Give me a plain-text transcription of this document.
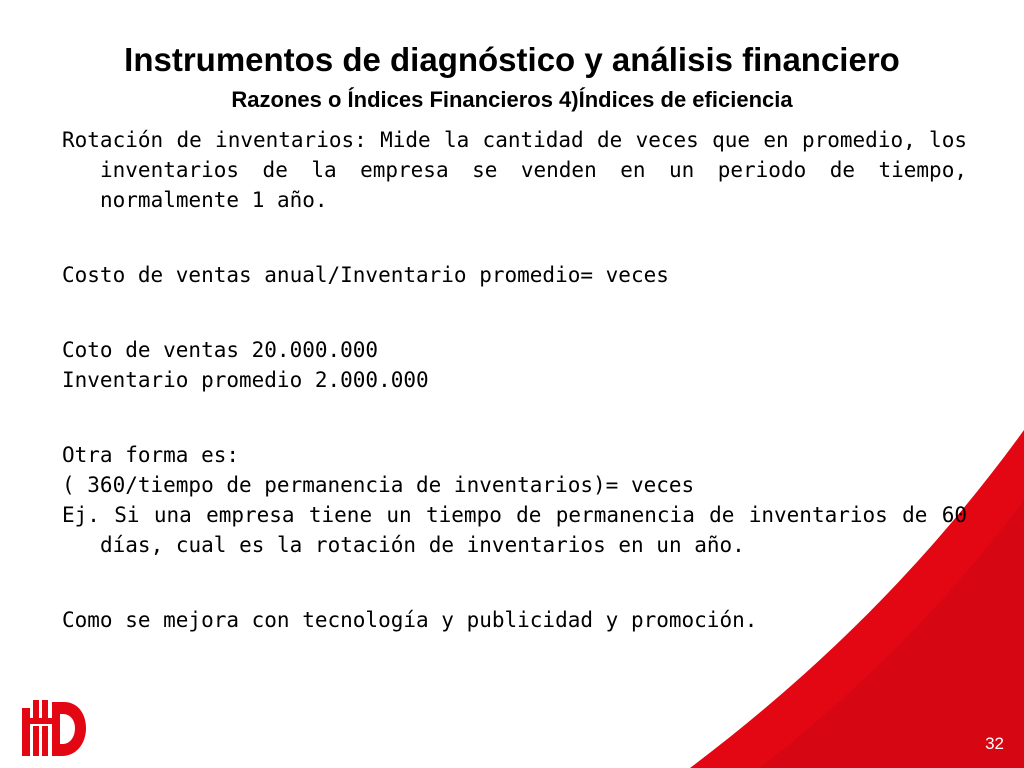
Instrumentos de diagnóstico y análisis financiero
Razones o Índices Financieros 4)Índices de eficiencia

Rotación de inventarios: Mide la cantidad de veces que en promedio, los inventarios de la empresa se venden en un periodo de tiempo, normalmente 1 año.

Costo de ventas anual/Inventario promedio= veces

Coto de ventas 20.000.000

Inventario promedio 2.000.000

Otra forma es:

( 360/tiempo de permanencia de inventarios)= veces

Ej. Si una empresa tiene un tiempo de permanencia de inventarios de 60 días, cual es la rotación de inventarios en un año.

Como se mejora con tecnología y publicidad y promoción.

32
